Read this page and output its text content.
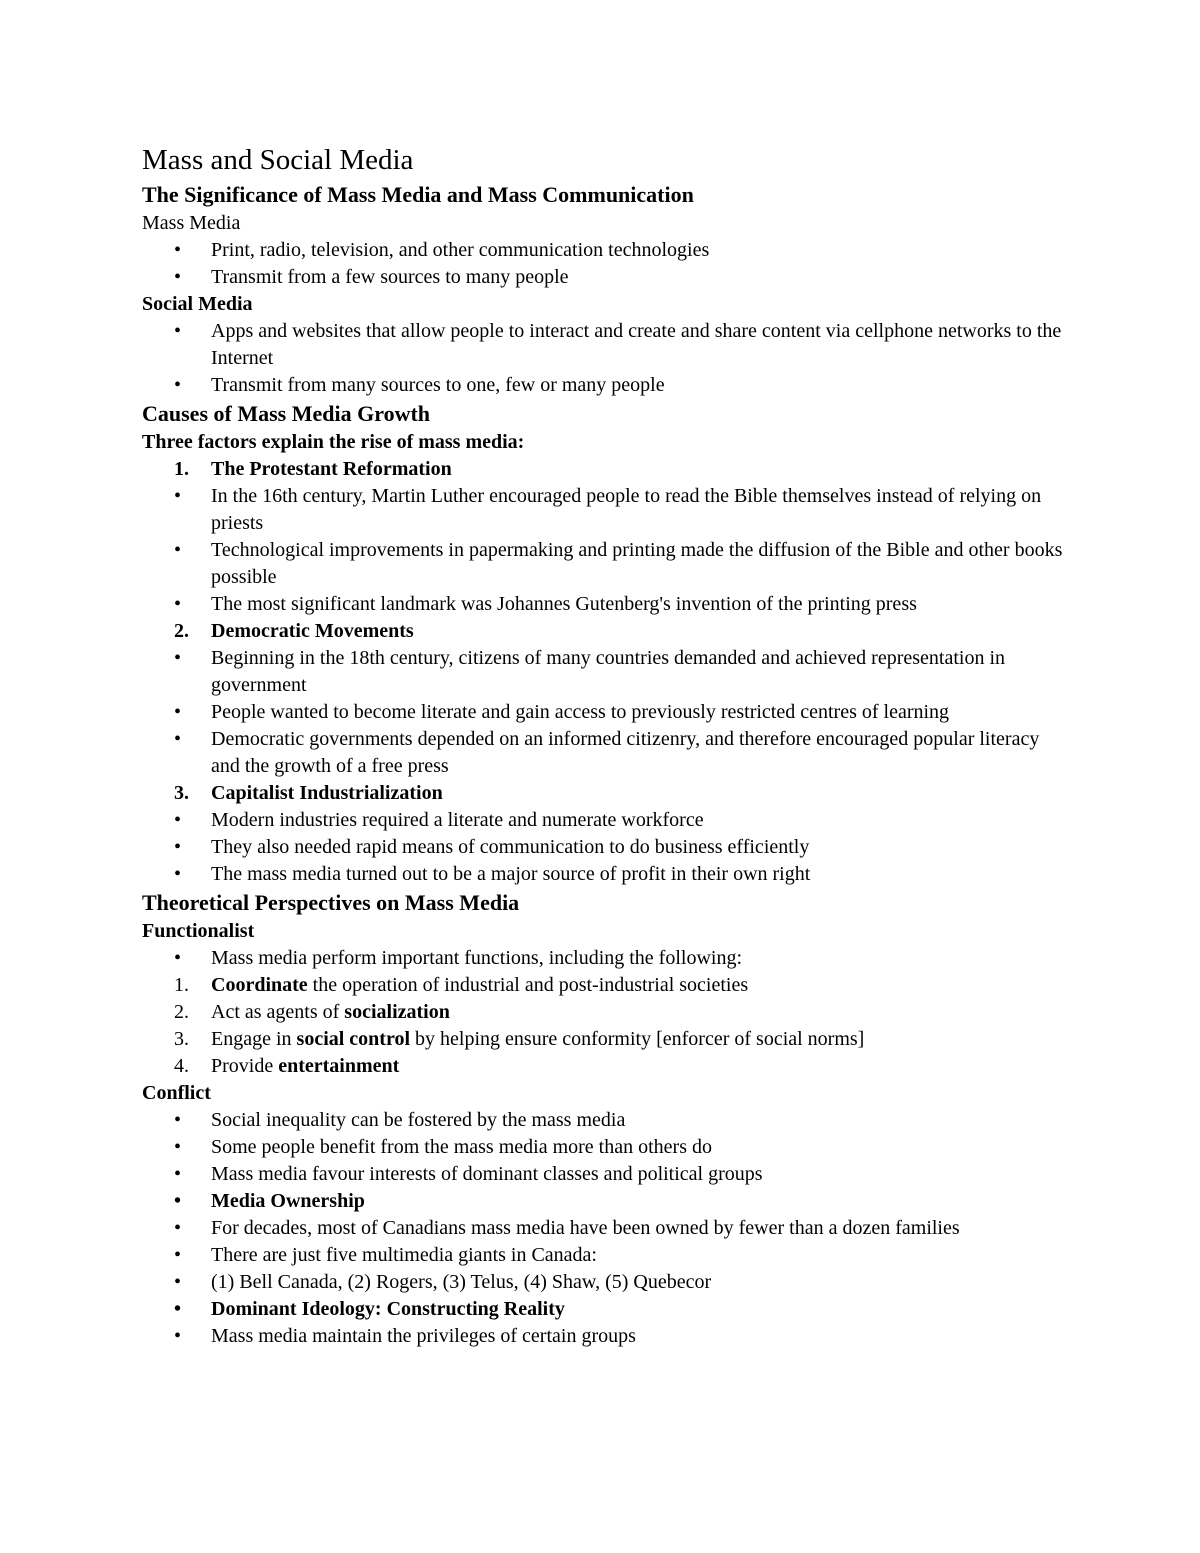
Mass and Social Media
The Significance of Mass Media and Mass Communication
Mass Media
• Print, radio, television, and other communication technologies
• Transmit from a few sources to many people
Social Media
• Apps and websites that allow people to interact and create and share content via cellphone networks to the Internet
• Transmit from many sources to one, few or many people
Causes of Mass Media Growth
Three factors explain the rise of mass media:
1. The Protestant Reformation
• In the 16th century, Martin Luther encouraged people to read the Bible themselves instead of relying on priests
• Technological improvements in papermaking and printing made the diffusion of the Bible and other books possible
• The most significant landmark was Johannes Gutenberg's invention of the printing press
2. Democratic Movements
• Beginning in the 18th century, citizens of many countries demanded and achieved representation in government
• People wanted to become literate and gain access to previously restricted centres of learning
• Democratic governments depended on an informed citizenry, and therefore encouraged popular literacy and the growth of a free press
3. Capitalist Industrialization
• Modern industries required a literate and numerate workforce
• They also needed rapid means of communication to do business efficiently
• The mass media turned out to be a major source of profit in their own right
Theoretical Perspectives on Mass Media
Functionalist
• Mass media perform important functions, including the following:
1. Coordinate the operation of industrial and post-industrial societies
2. Act as agents of socialization
3. Engage in social control by helping ensure conformity [enforcer of social norms]
4. Provide entertainment
Conflict
• Social inequality can be fostered by the mass media
• Some people benefit from the mass media more than others do
• Mass media favour interests of dominant classes and political groups
• Media Ownership
• For decades, most of Canadians mass media have been owned by fewer than a dozen families
• There are just five multimedia giants in Canada:
• (1) Bell Canada, (2) Rogers, (3) Telus, (4) Shaw, (5) Quebecor
• Dominant Ideology: Constructing Reality
• Mass media maintain the privileges of certain groups
